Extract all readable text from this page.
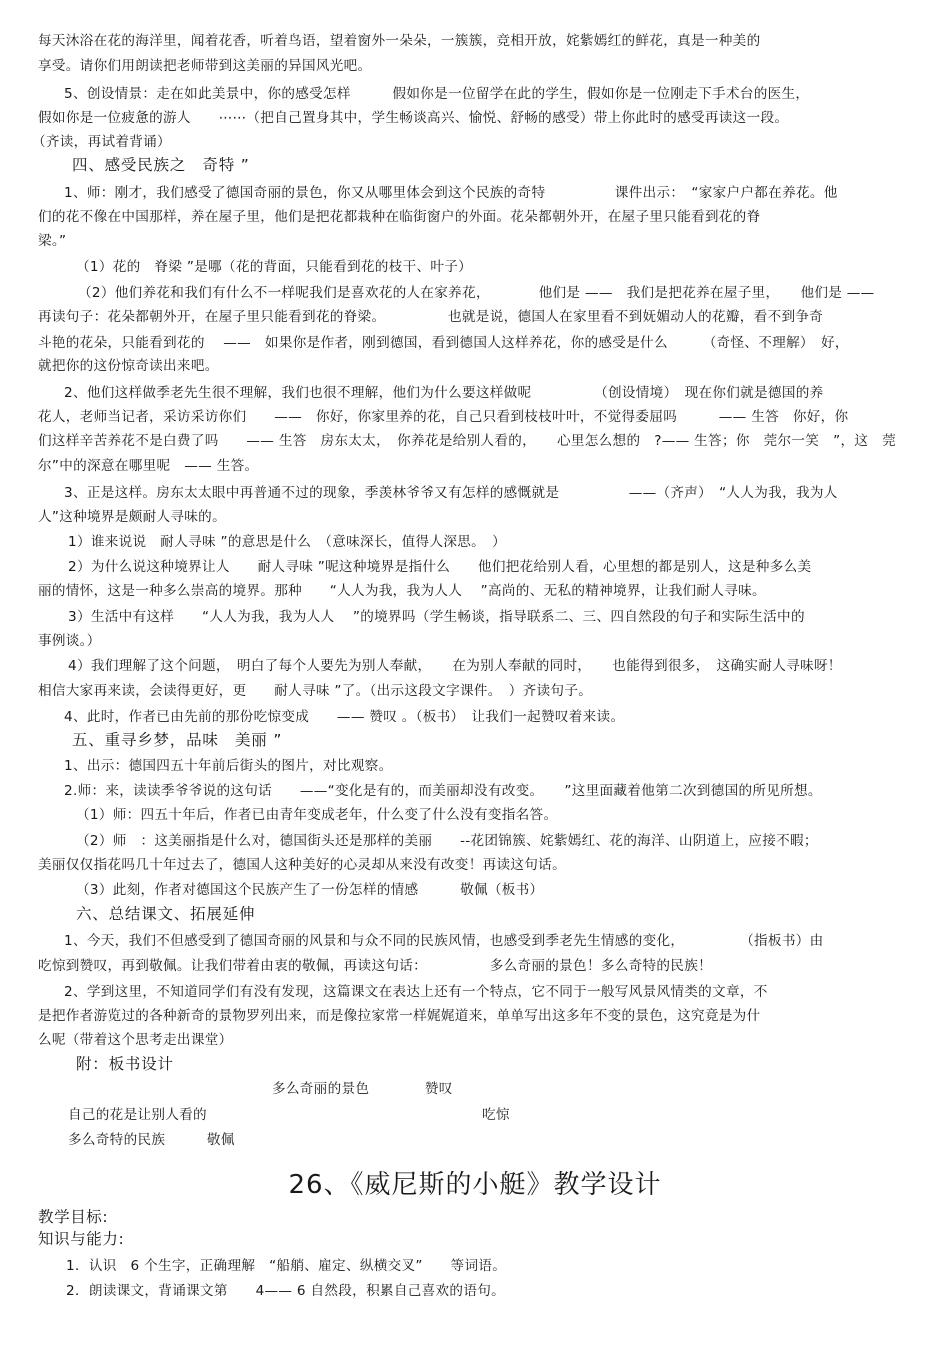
每天沐浴在花的海洋里，闻着花香，听着鸟语，望着窗外一朵朵，一簇簇，竞相开放，姹紫嫣红的鲜花，真是一种美的
享受。请你们用朗读把老师带到这美丽的异国风光吧。
5、创设情景：走在如此美景中，你的感受怎样　　　假如你是一位留学在此的学生，假如你是一位刚走下手术台的医生，
假如你是一位疲惫的游人　　⋯⋯（把自己置身其中，学生畅谈高兴、愉悦、舒畅的感受）带上你此时的感受再读这一段。
（齐读，再试着背诵）
四、感受民族之　奇特 ”
1、师：刚才，我们感受了德国奇丽的景色，你又从哪里体会到这个民族的奇特　　　　　课件出示：　“家家户户都在养花。他
们的花不像在中国那样，养在屋子里，他们是把花都栽种在临街窗户的外面。花朵都朝外开，在屋子里只能看到花的脊
梁。”
（1）花的　脊梁 ”是哪（花的背面，只能看到花的枝干、叶子）
（2）他们养花和我们有什么不一样呢我们是喜欢花的人在家养花，　　　　他们是 ——　我们是把花养在屋子里，　　他们是 ——
再读句子：花朵都朝外开，在屋子里只能看到花的脊梁。　　　　　也就是说，德国人在家里看不到妩媚动人的花瓣，看不到争奇
斗艳的花朵，只能看到花的　 ——　如果你是作者，刚到德国，看到德国人这样养花，你的感受是什么　　　（奇怪、不理解）　好，
就把你的这份惊奇读出来吧。
2、他们这样做季老先生很不理解，我们也很不理解，他们为什么要这样做呢　　　　　（创设情境）　现在你们就是德国的养
花人，老师当记者，采访采访你们　　——　你好，你家里养的花，自己只看到枝枝叶叶，不觉得委屈吗　　　—— 生答　你好，你
们这样辛苦养花不是白费了吗　　—— 生答　房东太太，　你养花是给别人看的，　　心里怎么想的　?—— 生答；你　莞尔一笑　”，这　莞
尔”中的深意在哪里呢　—— 生答。
3、正是这样。房东太太眼中再普通不过的现象，季羡林爷爷又有怎样的感慨就是　　　　　——（齐声）　“人人为我，我为人
人”这种境界是颇耐人寻味的。
1）谁来说说　耐人寻味 ”的意思是什么　（意味深长，值得人深思。　）
2）为什么说这种境界让人　　耐人寻味 ”呢这种境界是指什么　　他们把花给别人看，心里想的都是别人，这是种多么美
丽的情怀，这是一种多么崇高的境界。那种　　“人人为我，我为人人　 ”高尚的、无私的精神境界，让我们耐人寻味。
3）生活中有这样　　“人人为我，我为人人　 ”的境界吗（学生畅谈，指导联系二、三、四自然段的句子和实际生活中的
事例谈。）
4）我们理解了这个问题，　明白了每个人要先为别人奉献，　　在为别人奉献的同时，　　也能得到很多，　这确实耐人寻味呀！
相信大家再来读，会读得更好，更　　耐人寻味 ”了。（出示这段文字课件。　）齐读句子。
4、此时，作者已由先前的那份吃惊变成　　—— 赞叹 。（板书）　让我们一起赞叹着来读。
五、重寻乡梦，品味　美丽 ”
1、出示：德国四五十年前后街头的图片，对比观察。
2.师：来，读读季爷爷说的这句话　　——“变化是有的，而美丽却没有改变。　　”这里面藏着他第二次到德国的所见所想。
（1）师：四五十年后，作者已由青年变成老年，什么变了什么没有变指名答。
（2）师　：这美丽指是什么对，德国街头还是那样的美丽　　--花团锦簇、姹紫嫣红、花的海洋、山阴道上，应接不暇；
美丽仅仅指花吗几十年过去了，德国人这种美好的心灵却从来没有改变！再读这句话。
（3）此刻，作者对德国这个民族产生了一份怎样的情感　　　敬佩（板书）
六、总结课文、拓展延伸
1、今天，我们不但感受到了德国奇丽的风景和与众不同的民族风情，也感受到季老先生情感的变化，　　　　　（指板书）由
吃惊到赞叹，再到敬佩。让我们带着由衷的敬佩，再读这句话：　　　　　多么奇丽的景色！多么奇特的民族！
2、学到这里，不知道同学们有没有发现，这篇课文在表达上还有一个特点，它不同于一般写风景风情类的文章，不
是把作者游览过的各种新奇的景物罗列出来，而是像拉家常一样娓娓道来，单单写出这多年不变的景色，这究竟是为什
么呢（带着这个思考走出课堂）
附：板书设计
多么奇丽的景色　　　　赞叹
自己的花是让别人看的	吃惊
多么奇特的民族　　　敬佩
26、《威尼斯的小艇》教学设计
教学目标:
知识与能力:
1．认识　6 个生字，正确理解　“船艄、雇定、纵横交叉”　　等词语。
2．朗读课文，背诵课文第　　4—— 6 自然段，积累自己喜欢的语句。
